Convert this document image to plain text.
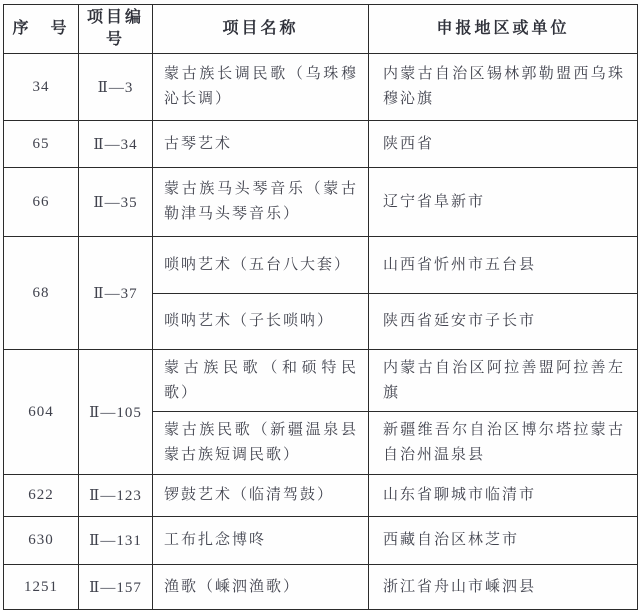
序　号	项目编号	项目名称	申报地区或单位
34	Ⅱ—3	蒙古族长调民歌（乌珠穆沁长调）	内蒙古自治区锡林郭勒盟西乌珠穆沁旗
65	Ⅱ—34	古琴艺术	陕西省
66	Ⅱ—35	蒙古族马头琴音乐（蒙古勒津马头琴音乐）	辽宁省阜新市
68	Ⅱ—37	唢呐艺术（五台八大套）	山西省忻州市五台县
		唢呐艺术（子长唢呐）	陕西省延安市子长市
604	Ⅱ—105	蒙古族民歌（和硕特民歌）	内蒙古自治区阿拉善盟阿拉善左旗
		蒙古族民歌（新疆温泉县蒙古族短调民歌）	新疆维吾尔自治区博尔塔拉蒙古自治州温泉县
622	Ⅱ—123	锣鼓艺术（临清驾鼓）	山东省聊城市临清市
630	Ⅱ—131	工布扎念博咚	西藏自治区林芝市
1251	Ⅱ—157	渔歌（嵊泗渔歌）	浙江省舟山市嵊泗县
